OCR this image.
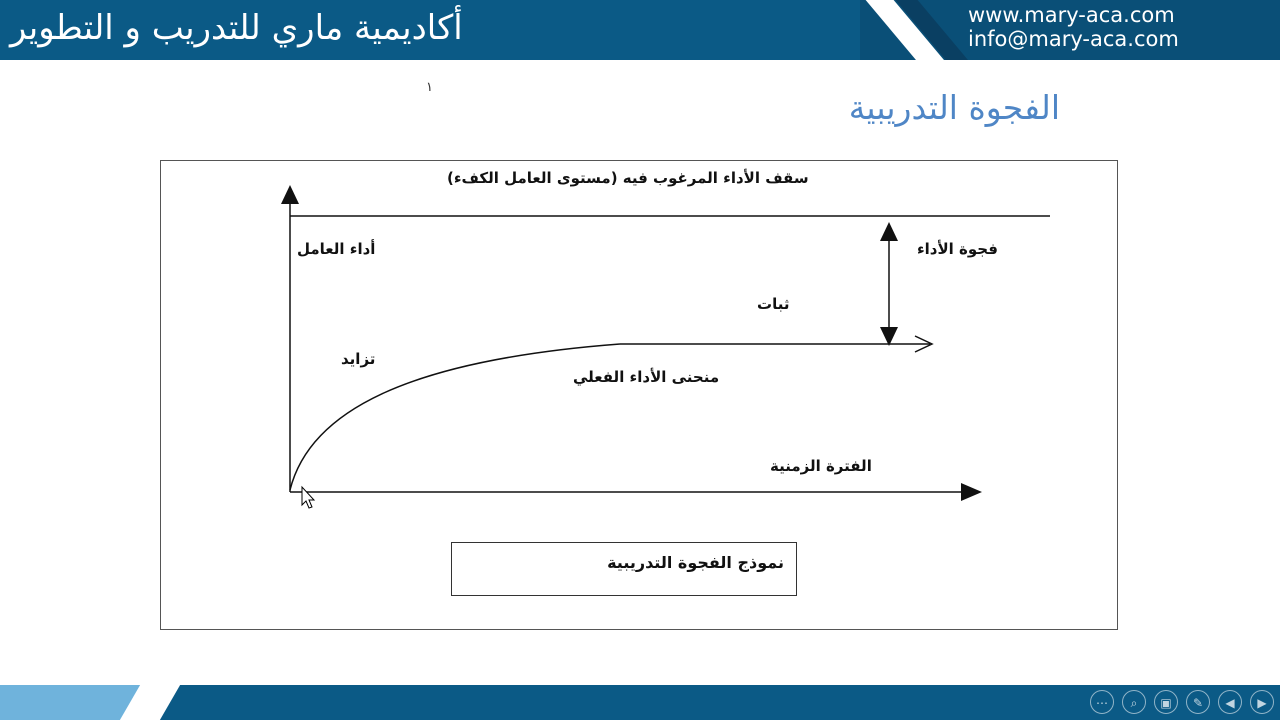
أكاديمية ماري للتدريب و التطوير	www.mary-aca.com
info@mary-aca.com
١
الفجوة التدريبية
سقف الأداء المرغوب فيه (مستوى العامل الكفء)
أداء العامل	فجوة الأداء
ثبات
تزايد
منحنى الأداء الفعلي
الفترة الزمنية
نموذج الفجوة التدريبية
⋯	⌕	▣	✎	◀	▶
